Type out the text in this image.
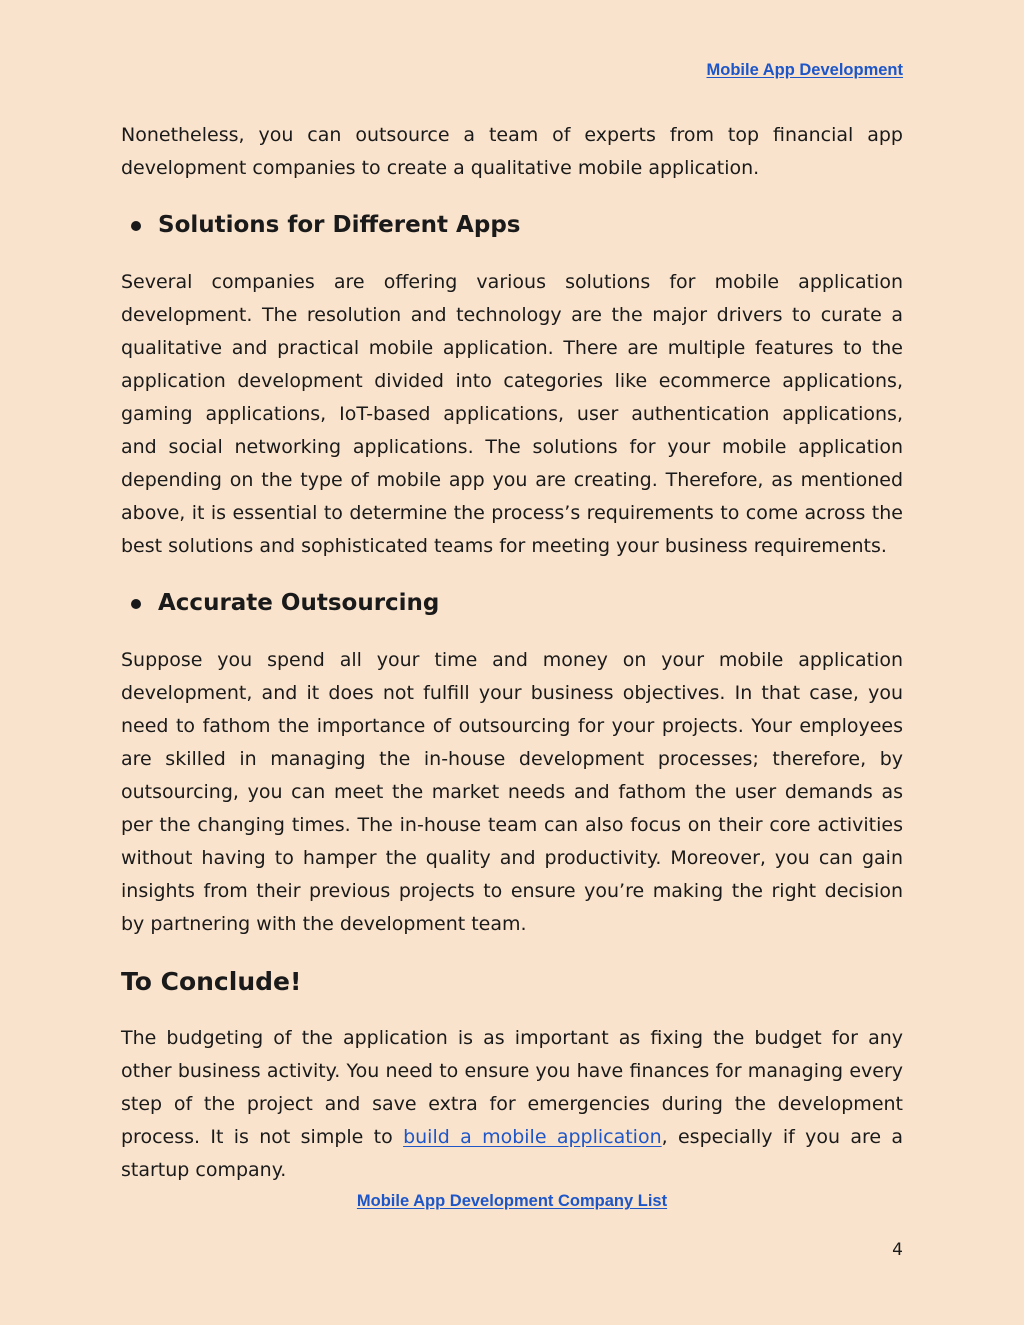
Mobile App Development

Nonetheless, you can outsource a team of experts from top financial app development companies to create a qualitative mobile application.

Solutions for Different Apps

Several companies are offering various solutions for mobile application development. The resolution and technology are the major drivers to curate a qualitative and practical mobile application. There are multiple features to the application development divided into categories like ecommerce applications, gaming applications, IoT-based applications, user authentication applications, and social networking applications. The solutions for your mobile application depending on the type of mobile app you are creating. Therefore, as mentioned above, it is essential to determine the process’s requirements to come across the best solutions and sophisticated teams for meeting your business requirements.

Accurate Outsourcing

Suppose you spend all your time and money on your mobile application development, and it does not fulfill your business objectives. In that case, you need to fathom the importance of outsourcing for your projects. Your employees are skilled in managing the in-house development processes; therefore, by outsourcing, you can meet the market needs and fathom the user demands as per the changing times. The in-house team can also focus on their core activities without having to hamper the quality and productivity. Moreover, you can gain insights from their previous projects to ensure you’re making the right decision by partnering with the development team.

To Conclude!

The budgeting of the application is as important as fixing the budget for any other business activity. You need to ensure you have finances for managing every step of the project and save extra for emergencies during the development process. It is not simple to build a mobile application, especially if you are a startup company.

Mobile App Development Company List
4
